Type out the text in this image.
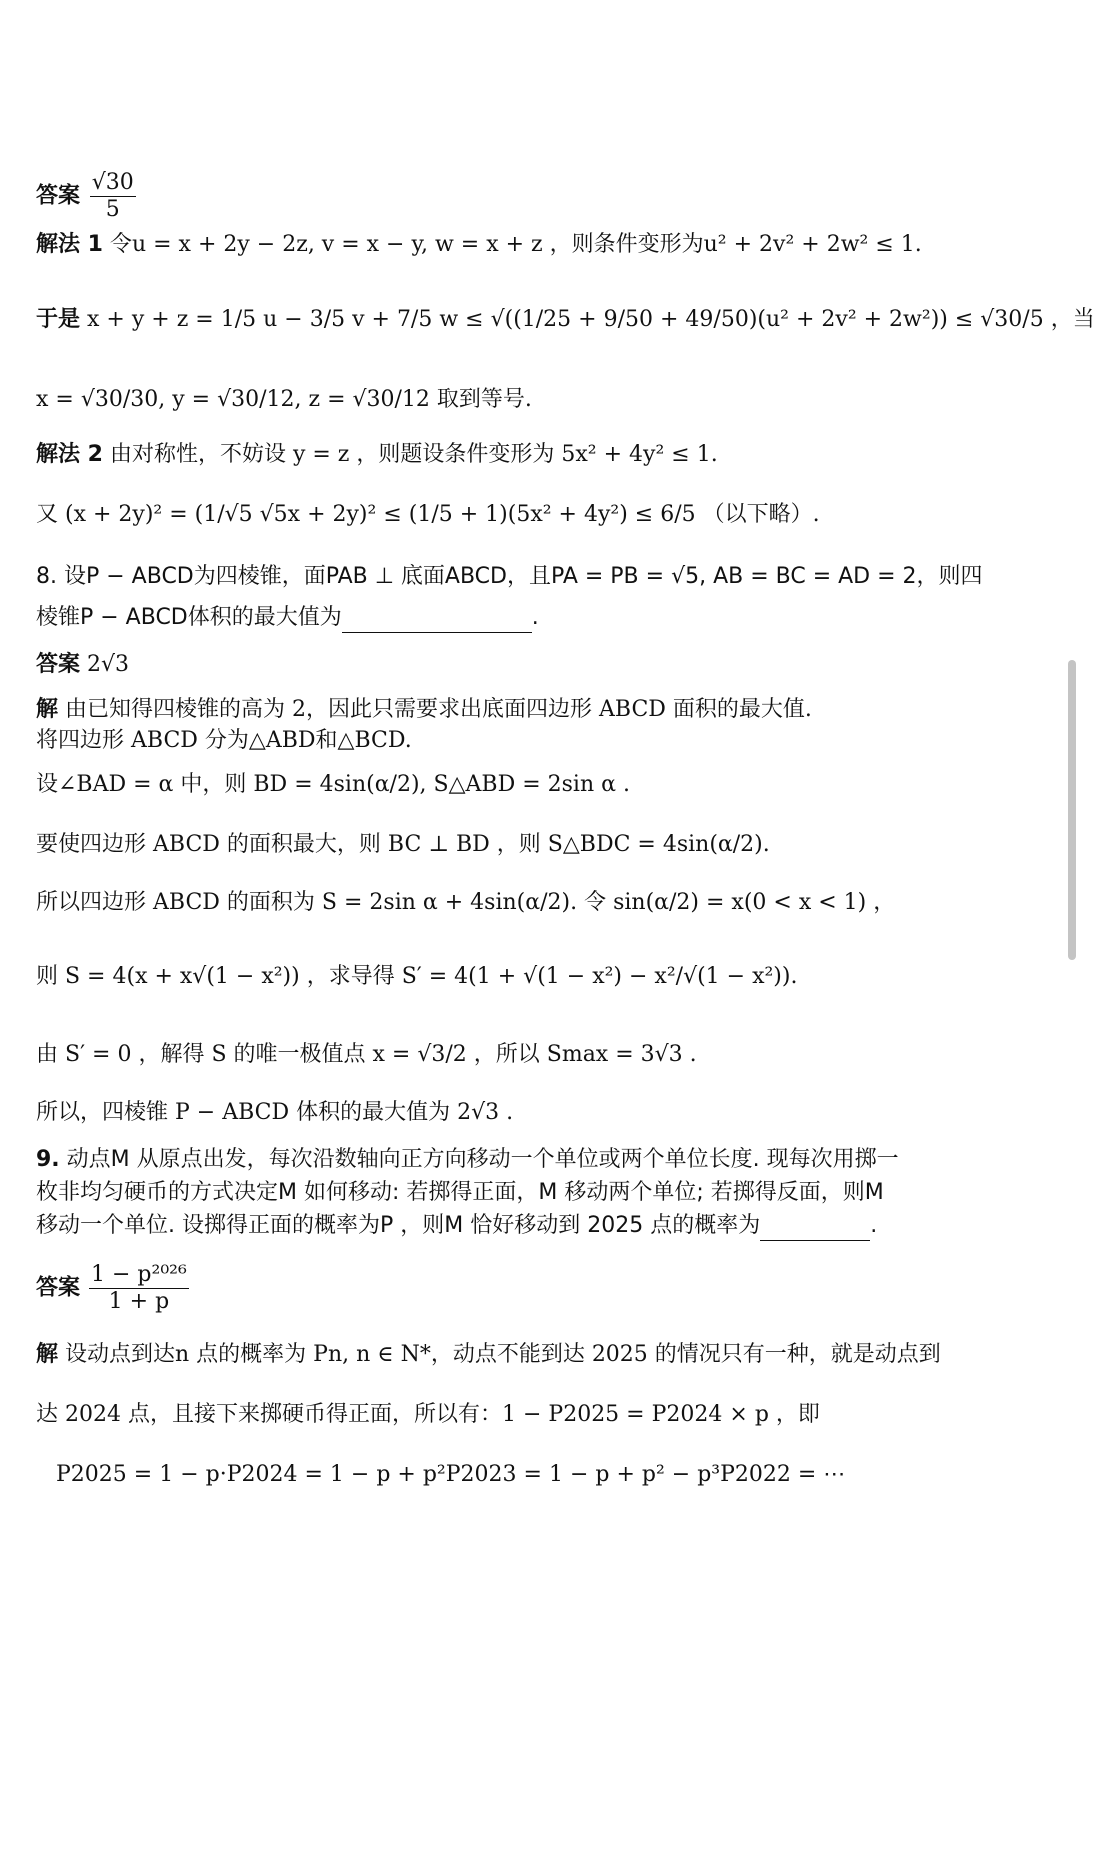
答案 $\frac{√30}{5}$
解法 1 令u = x + 2y − 2z, v = x − y, w = x + z ，则条件变形为u² + 2v² + 2w² ≤ 1.
于是 x + y + z = 1/5 u − 3/5 v + 7/5 w ≤ √((1/25 + 9/50 + 49/50)(u² + 2v² + 2w²)) ≤ √30/5 ，当
x = √30/30, y = √30/12, z = √30/12 取到等号.
解法 2 由对称性，不妨设 y = z ，则题设条件变形为 5x² + 4y² ≤ 1.
又 (x + 2y)² = (1/√5 √5x + 2y)² ≤ (1/5 + 1)(5x² + 4y²) ≤ 6/5 （以下略）.
8. 设P − ABCD为四棱锥，面PAB ⊥ 底面ABCD，且PA = PB = √5, AB = BC = AD = 2，则四
棱锥P − ABCD体积的最大值为	.
答案 2√3
解 由已知得四棱锥的高为 2，因此只需要求出底面四边形 ABCD 面积的最大值.
将四边形 ABCD 分为△ABD和△BCD.
设∠BAD = α 中，则 BD = 4sin(α/2), S△ABD = 2sin α .
要使四边形 ABCD 的面积最大，则 BC ⊥ BD ，则 S△BDC = 4sin(α/2).
所以四边形 ABCD 的面积为 S = 2sin α + 4sin(α/2). 令 sin(α/2) = x(0 < x < 1) ，
则 S = 4(x + x√(1 − x²)) ，求导得 S′ = 4(1 + √(1 − x²) − x²/√(1 − x²)).
由 S′ = 0 ，解得 S 的唯一极值点 x = √3/2 ，所以 Smax = 3√3 .
所以，四棱锥 P − ABCD 体积的最大值为 2√3 .
9. 动点M 从原点出发，每次沿数轴向正方向移动一个单位或两个单位长度. 现每次用掷一
枚非均匀硬币的方式决定M 如何移动: 若掷得正面，M 移动两个单位; 若掷得反面，则M
移动一个单位. 设掷得正面的概率为P ，则M 恰好移动到 2025 点的概率为	.
答案 $\frac{\text{1 − p²⁰²⁶}}{1 + p}$
解 设动点到达n 点的概率为 Pn, n ∈ N*，动点不能到达 2025 的情况只有一种，就是动点到
达 2024 点，且接下来掷硬币得正面，所以有：1 − P2025 = P2024 × p ，即
P2025 = 1 − p·P2024 = 1 − p + p²P2023 = 1 − p + p² − p³P2022 = ⋯
